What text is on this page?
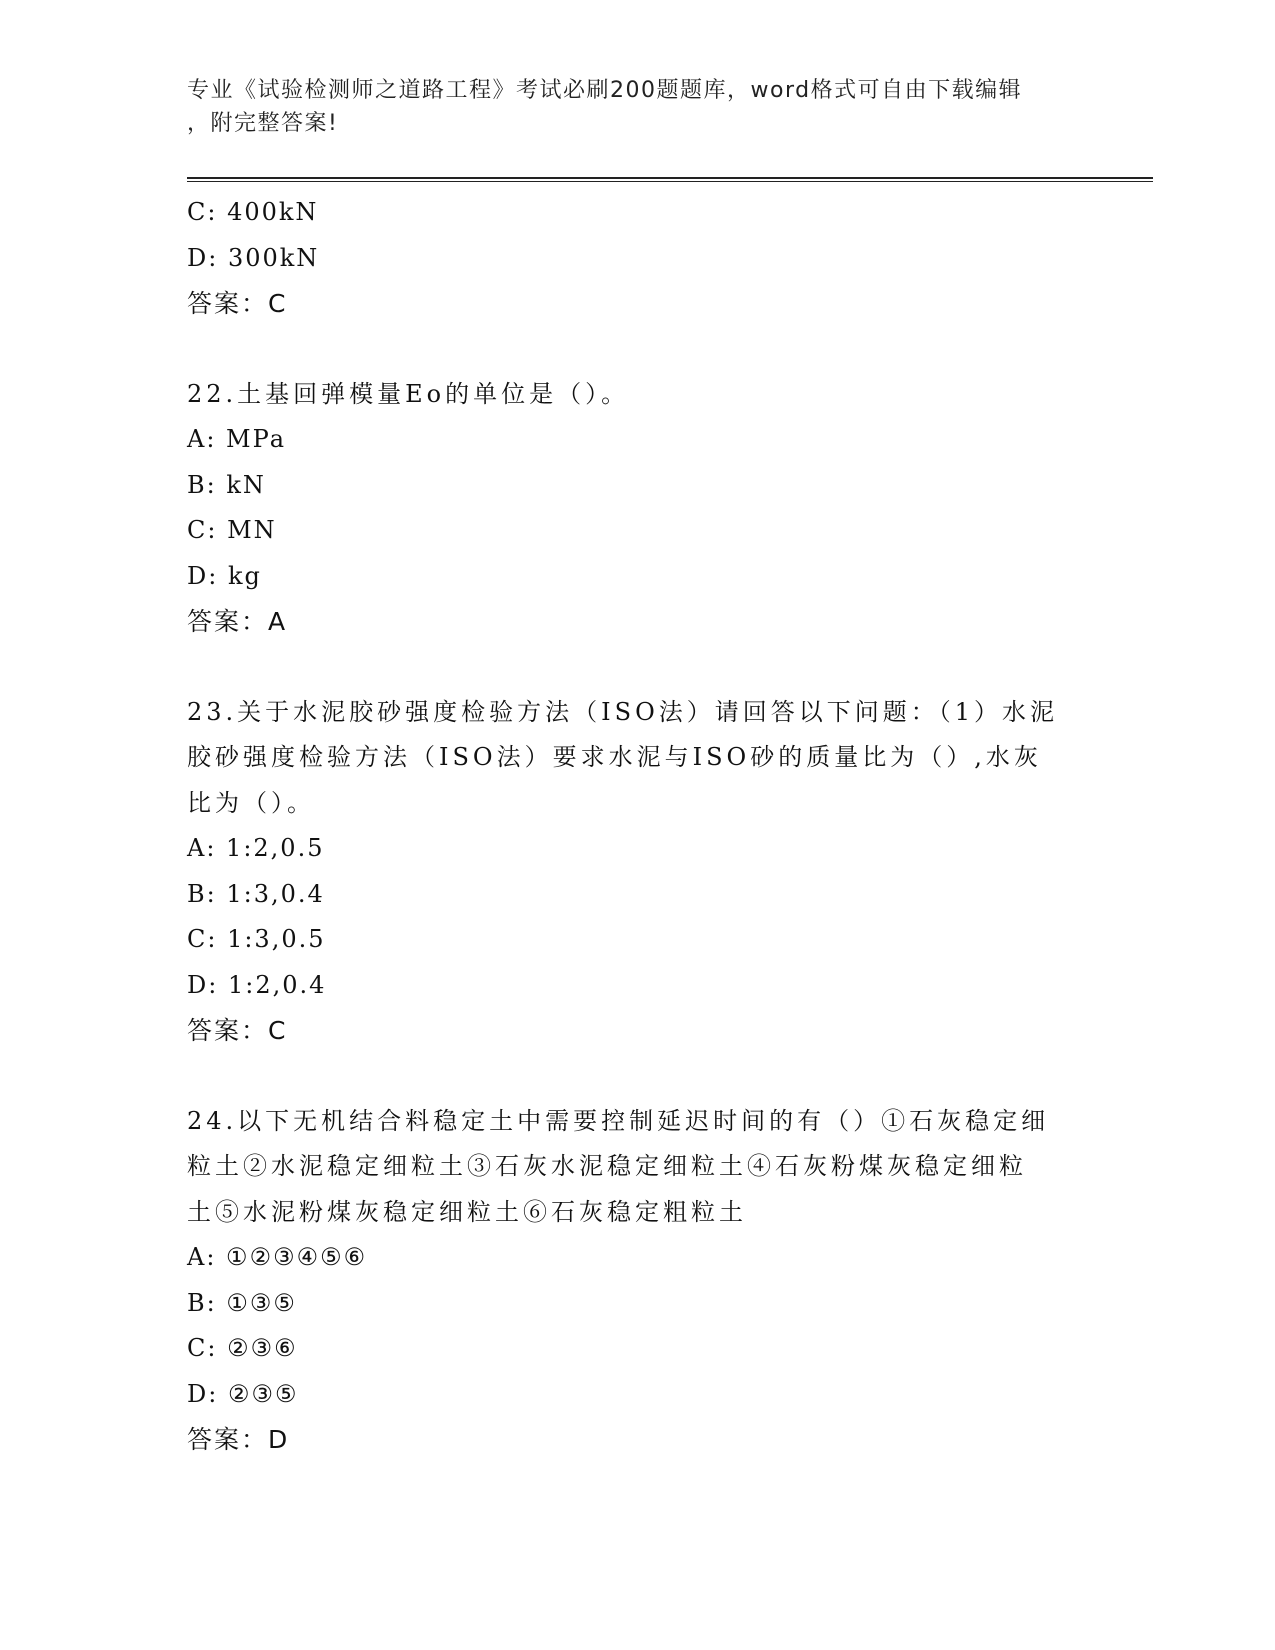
专业《试验检测师之道路工程》考试必刷200题题库，word格式可自由下载编辑
，附完整答案!
C: 400kN
D: 300kN
答案：C
22.土基回弹模量Eo的单位是（）。
A: MPa
B: kN
C: MN
D: kg
答案：A
23.关于水泥胶砂强度检验方法（ISO法）请回答以下问题：（1）水泥
胶砂强度检验方法（ISO法）要求水泥与ISO砂的质量比为（）,水灰
比为（）。
A: 1:2,0.5
B: 1:3,0.4
C: 1:3,0.5
D: 1:2,0.4
答案：C
24.以下无机结合料稳定土中需要控制延迟时间的有（）①石灰稳定细
粒土②水泥稳定细粒土③石灰水泥稳定细粒土④石灰粉煤灰稳定细粒
土⑤水泥粉煤灰稳定细粒土⑥石灰稳定粗粒土
A: ①②③④⑤⑥
B: ①③⑤
C: ②③⑥
D: ②③⑤
答案：D
